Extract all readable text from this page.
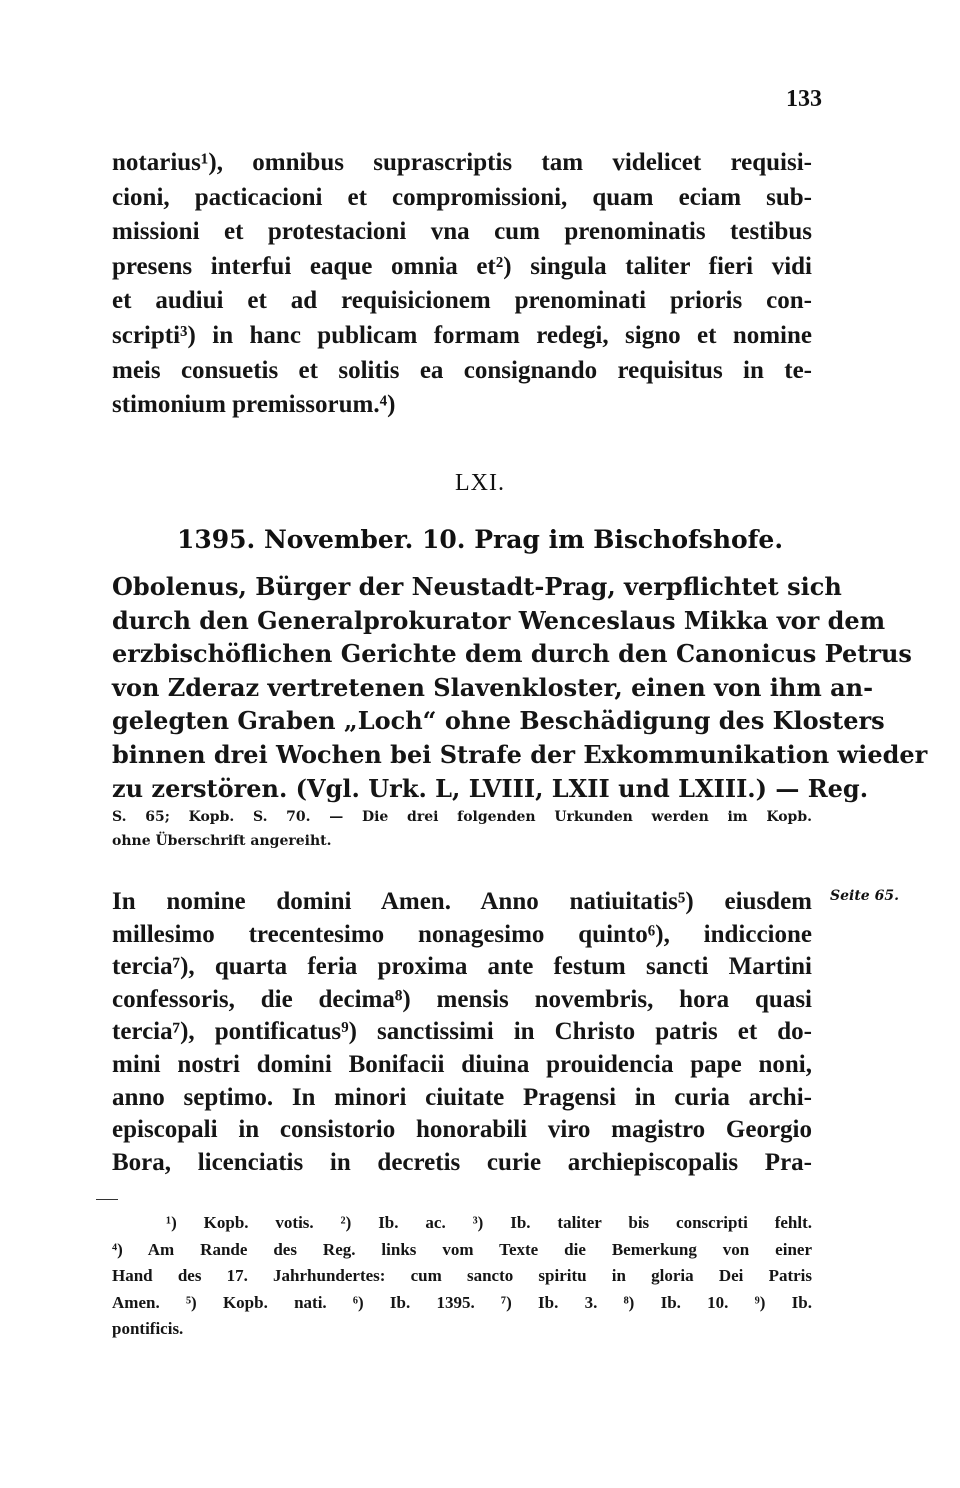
133
notarius¹), omnibus suprascriptis tam videlicet requisi-
cioni, pacticacioni et compromissioni, quam eciam sub-
missioni et protestacioni vna cum prenominatis testibus
presens interfui eaque omnia et²) singula taliter fieri vidi
et audiui et ad requisicionem prenominati prioris con-
scripti³) in hanc publicam formam redegi, signo et nomine
meis consuetis et solitis ea consignando requisitus in te-
stimonium premissorum.⁴)
LXI.
1395. November. 10. Prag im Bischofshofe.
Obolenus, Bürger der Neustadt-Prag, verpflichtet sich
durch den Generalprokurator Wenceslaus Mikka vor dem
erzbischöflichen Gerichte dem durch den Canonicus Petrus
von Zderaz vertretenen Slavenkloster, einen von ihm an-
gelegten Graben „Loch“ ohne Beschädigung des Klosters
binnen drei Wochen bei Strafe der Exkommunikation wieder
zu zerstören. (Vgl. Urk. L, LVIII, LXII und LXIII.) — Reg.
S. 65; Kopb. S. 70. — Die drei folgenden Urkunden werden im Kopb.
ohne Überschrift angereiht.
Seite 65.
In nomine domini Amen. Anno natiuitatis⁵) eiusdem
millesimo trecentesimo nonagesimo quinto⁶), indiccione
tercia⁷), quarta feria proxima ante festum sancti Martini
confessoris, die decima⁸) mensis novembris, hora quasi
tercia⁷), pontificatus⁹) sanctissimi in Christo patris et do-
mini nostri domini Bonifacii diuina prouidencia pape noni,
anno septimo. In minori ciuitate Pragensi in curia archi-
episcopali in consistorio honorabili viro magistro Georgio
Bora, licenciatis in decretis curie archiepiscopalis Pra-
¹) Kopb. votis. ²) Ib. ac. ³) Ib. taliter bis conscripti fehlt.
⁴) Am Rande des Reg. links vom Texte die Bemerkung von einer
Hand des 17. Jahrhundertes: cum sancto spiritu in gloria Dei Patris
Amen. ⁵) Kopb. nati. ⁶) Ib. 1395. ⁷) Ib. 3. ⁸) Ib. 10. ⁹) Ib.
pontificis.
